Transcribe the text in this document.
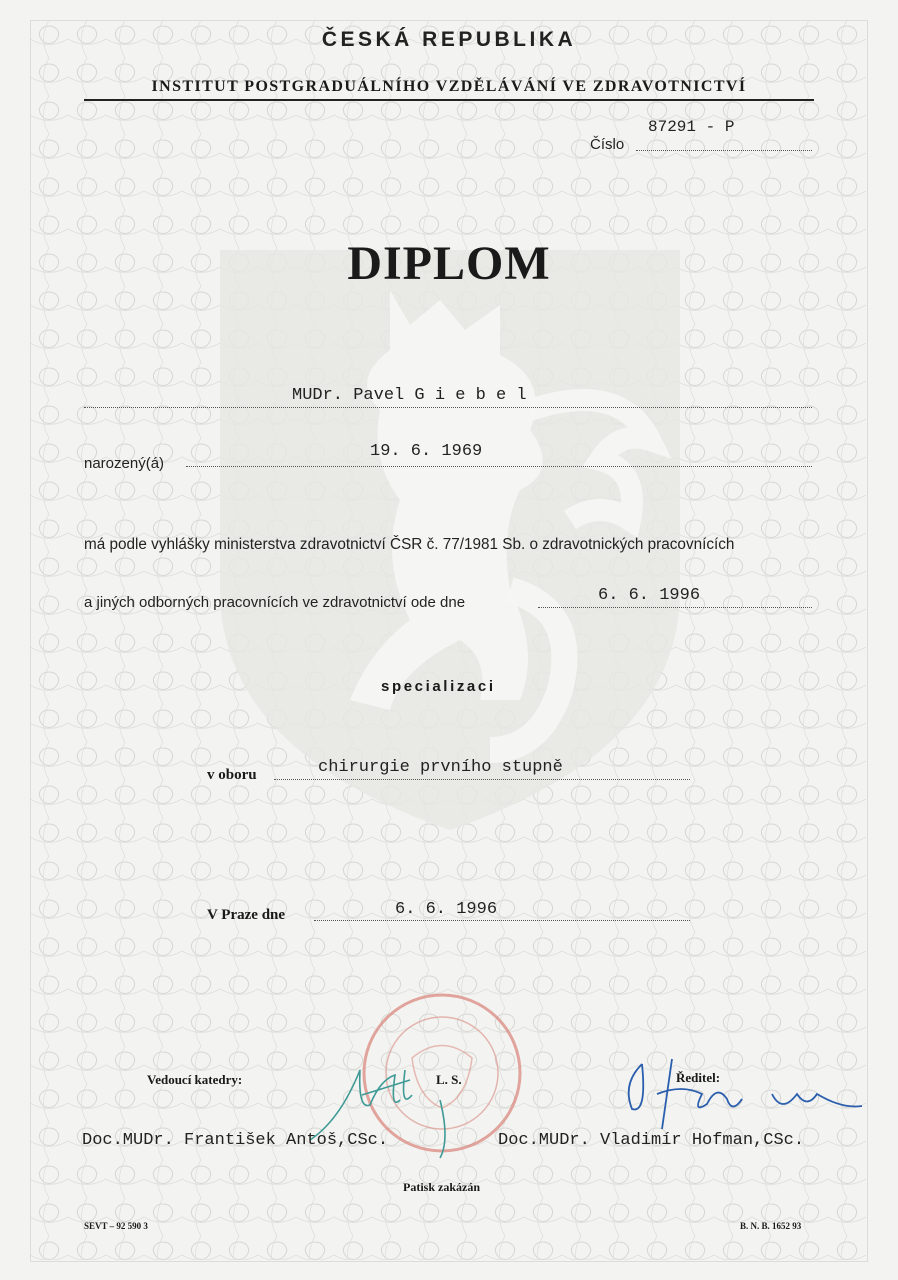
ČESKÁ REPUBLIKA

INSTITUT POSTGRADUÁLNÍHO VZDĚLÁVÁNÍ VE ZDRAVOTNICTVÍ

87291 - P

Číslo

DIPLOM

MUDr. Pavel G i e b e l

19. 6. 1969

narozený(á)

má podle vyhlášky ministerstva zdravotnictví ČSR č. 77/1981 Sb. o zdravotnických pracovnících

6. 6. 1996

a jiných odborných pracovnících ve zdravotnictví ode dne

specializaci

chirurgie prvního stupně

v oboru

6. 6. 1996

V Praze dne

Vedoucí katedry:	L. S.	Ředitel:

Doc.MUDr. František Antoš,CSc.	Doc.MUDr. Vladimír Hofman,CSc.

Patisk zakázán

SEVT – 92 590 3	B. N. B. 1652 93
